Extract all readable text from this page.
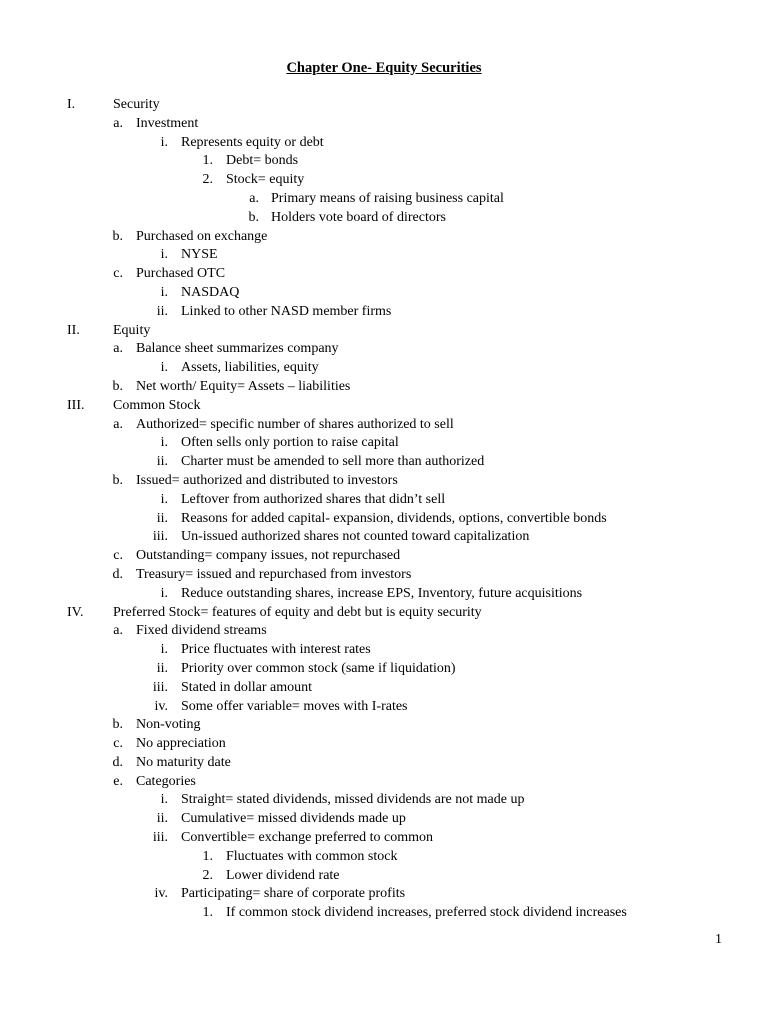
Chapter One- Equity Securities
I.	Security
a. Investment
i. Represents equity or debt
1. Debt= bonds
2. Stock= equity
a. Primary means of raising business capital
b. Holders vote board of directors
b. Purchased on exchange
i. NYSE
c. Purchased OTC
i. NASDAQ
ii. Linked to other NASD member firms
II. Equity
a. Balance sheet summarizes company
i. Assets, liabilities, equity
b. Net worth/ Equity= Assets – liabilities
III. Common Stock
a. Authorized= specific number of shares authorized to sell
i. Often sells only portion to raise capital
ii. Charter must be amended to sell more than authorized
b. Issued= authorized and distributed to investors
i. Leftover from authorized shares that didn’t sell
ii. Reasons for added capital- expansion, dividends, options, convertible bonds
iii. Un-issued authorized shares not counted toward capitalization
c. Outstanding= company issues, not repurchased
d. Treasury= issued and repurchased from investors
i. Reduce outstanding shares, increase EPS, Inventory, future acquisitions
IV. Preferred Stock= features of equity and debt but is equity security
a. Fixed dividend streams
i. Price fluctuates with interest rates
ii. Priority over common stock (same if liquidation)
iii. Stated in dollar amount
iv. Some offer variable= moves with I-rates
b. Non-voting
c. No appreciation
d. No maturity date
e. Categories
i. Straight= stated dividends, missed dividends are not made up
ii. Cumulative= missed dividends made up
iii. Convertible= exchange preferred to common
1. Fluctuates with common stock
2. Lower dividend rate
iv. Participating= share of corporate profits
1. If common stock dividend increases, preferred stock dividend increases
1
